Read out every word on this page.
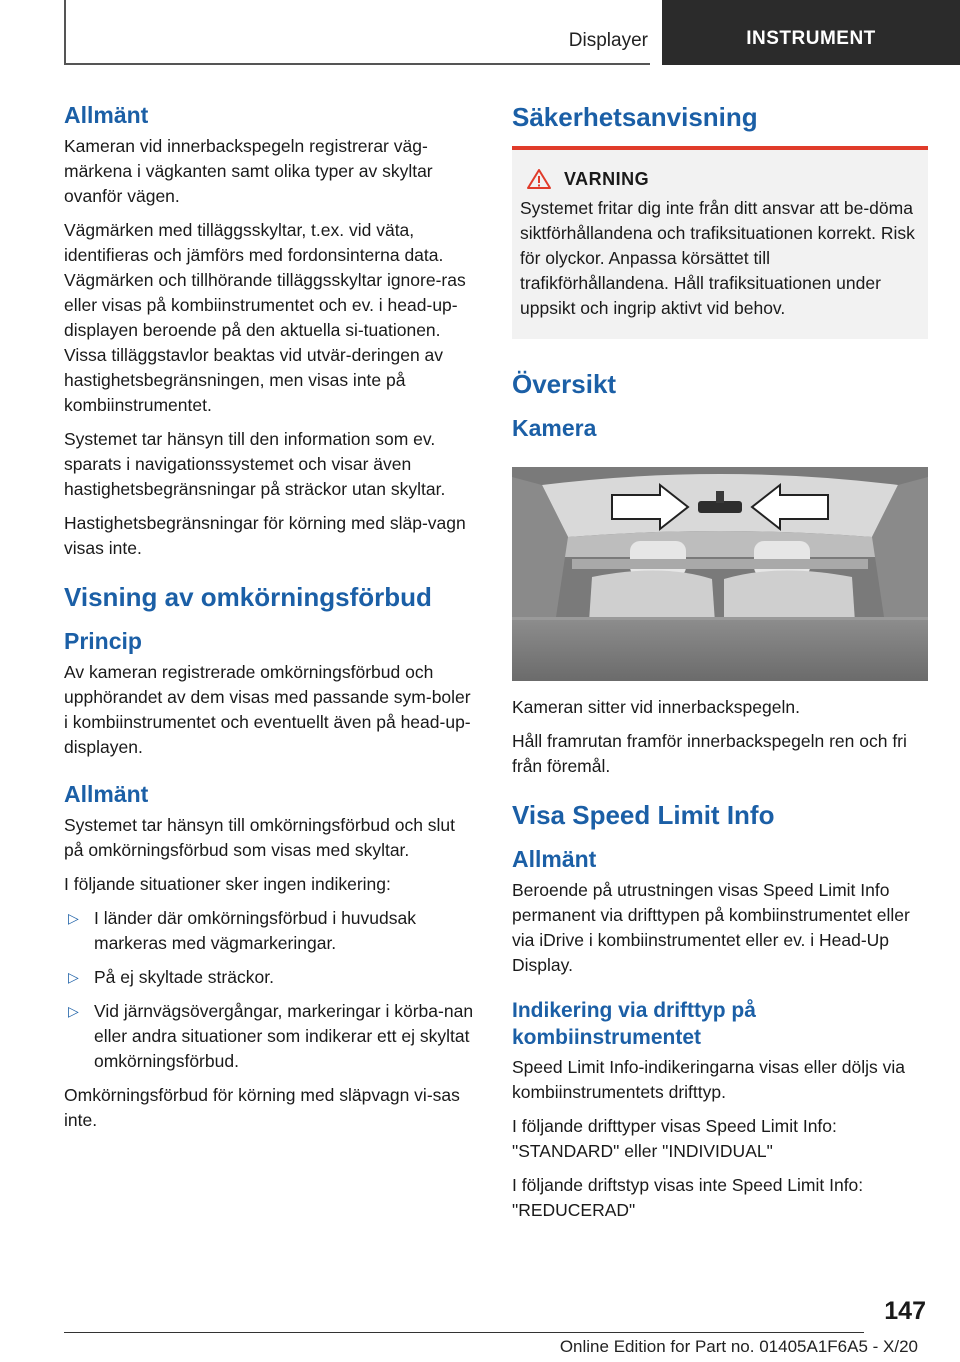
Displayer	INSTRUMENT
Allmänt

Kameran vid innerbackspegeln registrerar väg-märkena i vägkanten samt olika typer av skyltar ovanför vägen.

Vägmärken med tilläggsskyltar, t.ex. vid väta, identifieras och jämförs med fordonsinterna data. Vägmärken och tillhörande tilläggsskyltar ignore-ras eller visas på kombiinstrumentet och ev. i head-up-displayen beroende på den aktuella si-tuationen. Vissa tilläggstavlor beaktas vid utvär-deringen av hastighetsbegränsningen, men visas inte på kombiinstrumentet.

Systemet tar hänsyn till den information som ev. sparats i navigationssystemet och visar även hastighetsbegränsningar på sträckor utan skyltar.

Hastighetsbegränsningar för körning med släp-vagn visas inte.

Visning av omkörningsförbud
Princip

Av kameran registrerade omkörningsförbud och upphörandet av dem visas med passande sym-boler i kombiinstrumentet och eventuellt även på head-up-displayen.

Allmänt

Systemet tar hänsyn till omkörningsförbud och slut på omkörningsförbud som visas med skyltar.

I följande situationer sker ingen indikering:

▷ I länder där omkörningsförbud i huvudsak markeras med vägmarkeringar.
▷ På ej skyltade sträckor.
▷ Vid järnvägsövergångar, markeringar i körba-nan eller andra situationer som indikerar ett ej skyltat omkörningsförbud.

Omkörningsförbud för körning med släpvagn vi-sas inte.

Säkerhetsanvisning
VARNING

Systemet fritar dig inte från ditt ansvar att be-döma siktförhållandena och trafiksituationen korrekt. Risk för olyckor. Anpassa körsättet till trafikförhållandena. Håll trafiksituationen under uppsikt och ingrip aktivt vid behov.

Översikt
Kamera

Kameran sitter vid innerbackspegeln.

Håll framrutan framför innerbackspegeln ren och fri från föremål.

Visa Speed Limit Info
Allmänt

Beroende på utrustningen visas Speed Limit Info permanent via drifttypen på kombiinstrumentet eller via iDrive i kombiinstrumentet eller ev. i Head-Up Display.

Indikering via drifttyp på kombiinstrumentet

Speed Limit Info-indikeringarna visas eller döljs via kombiinstrumentets drifttyp.

I följande drifttyper visas Speed Limit Info: "STANDARD" eller "INDIVIDUAL"

I följande driftstyp visas inte Speed Limit Info: "REDUCERAD"

147
Online Edition for Part no. 01405A1F6A5 - X/20
